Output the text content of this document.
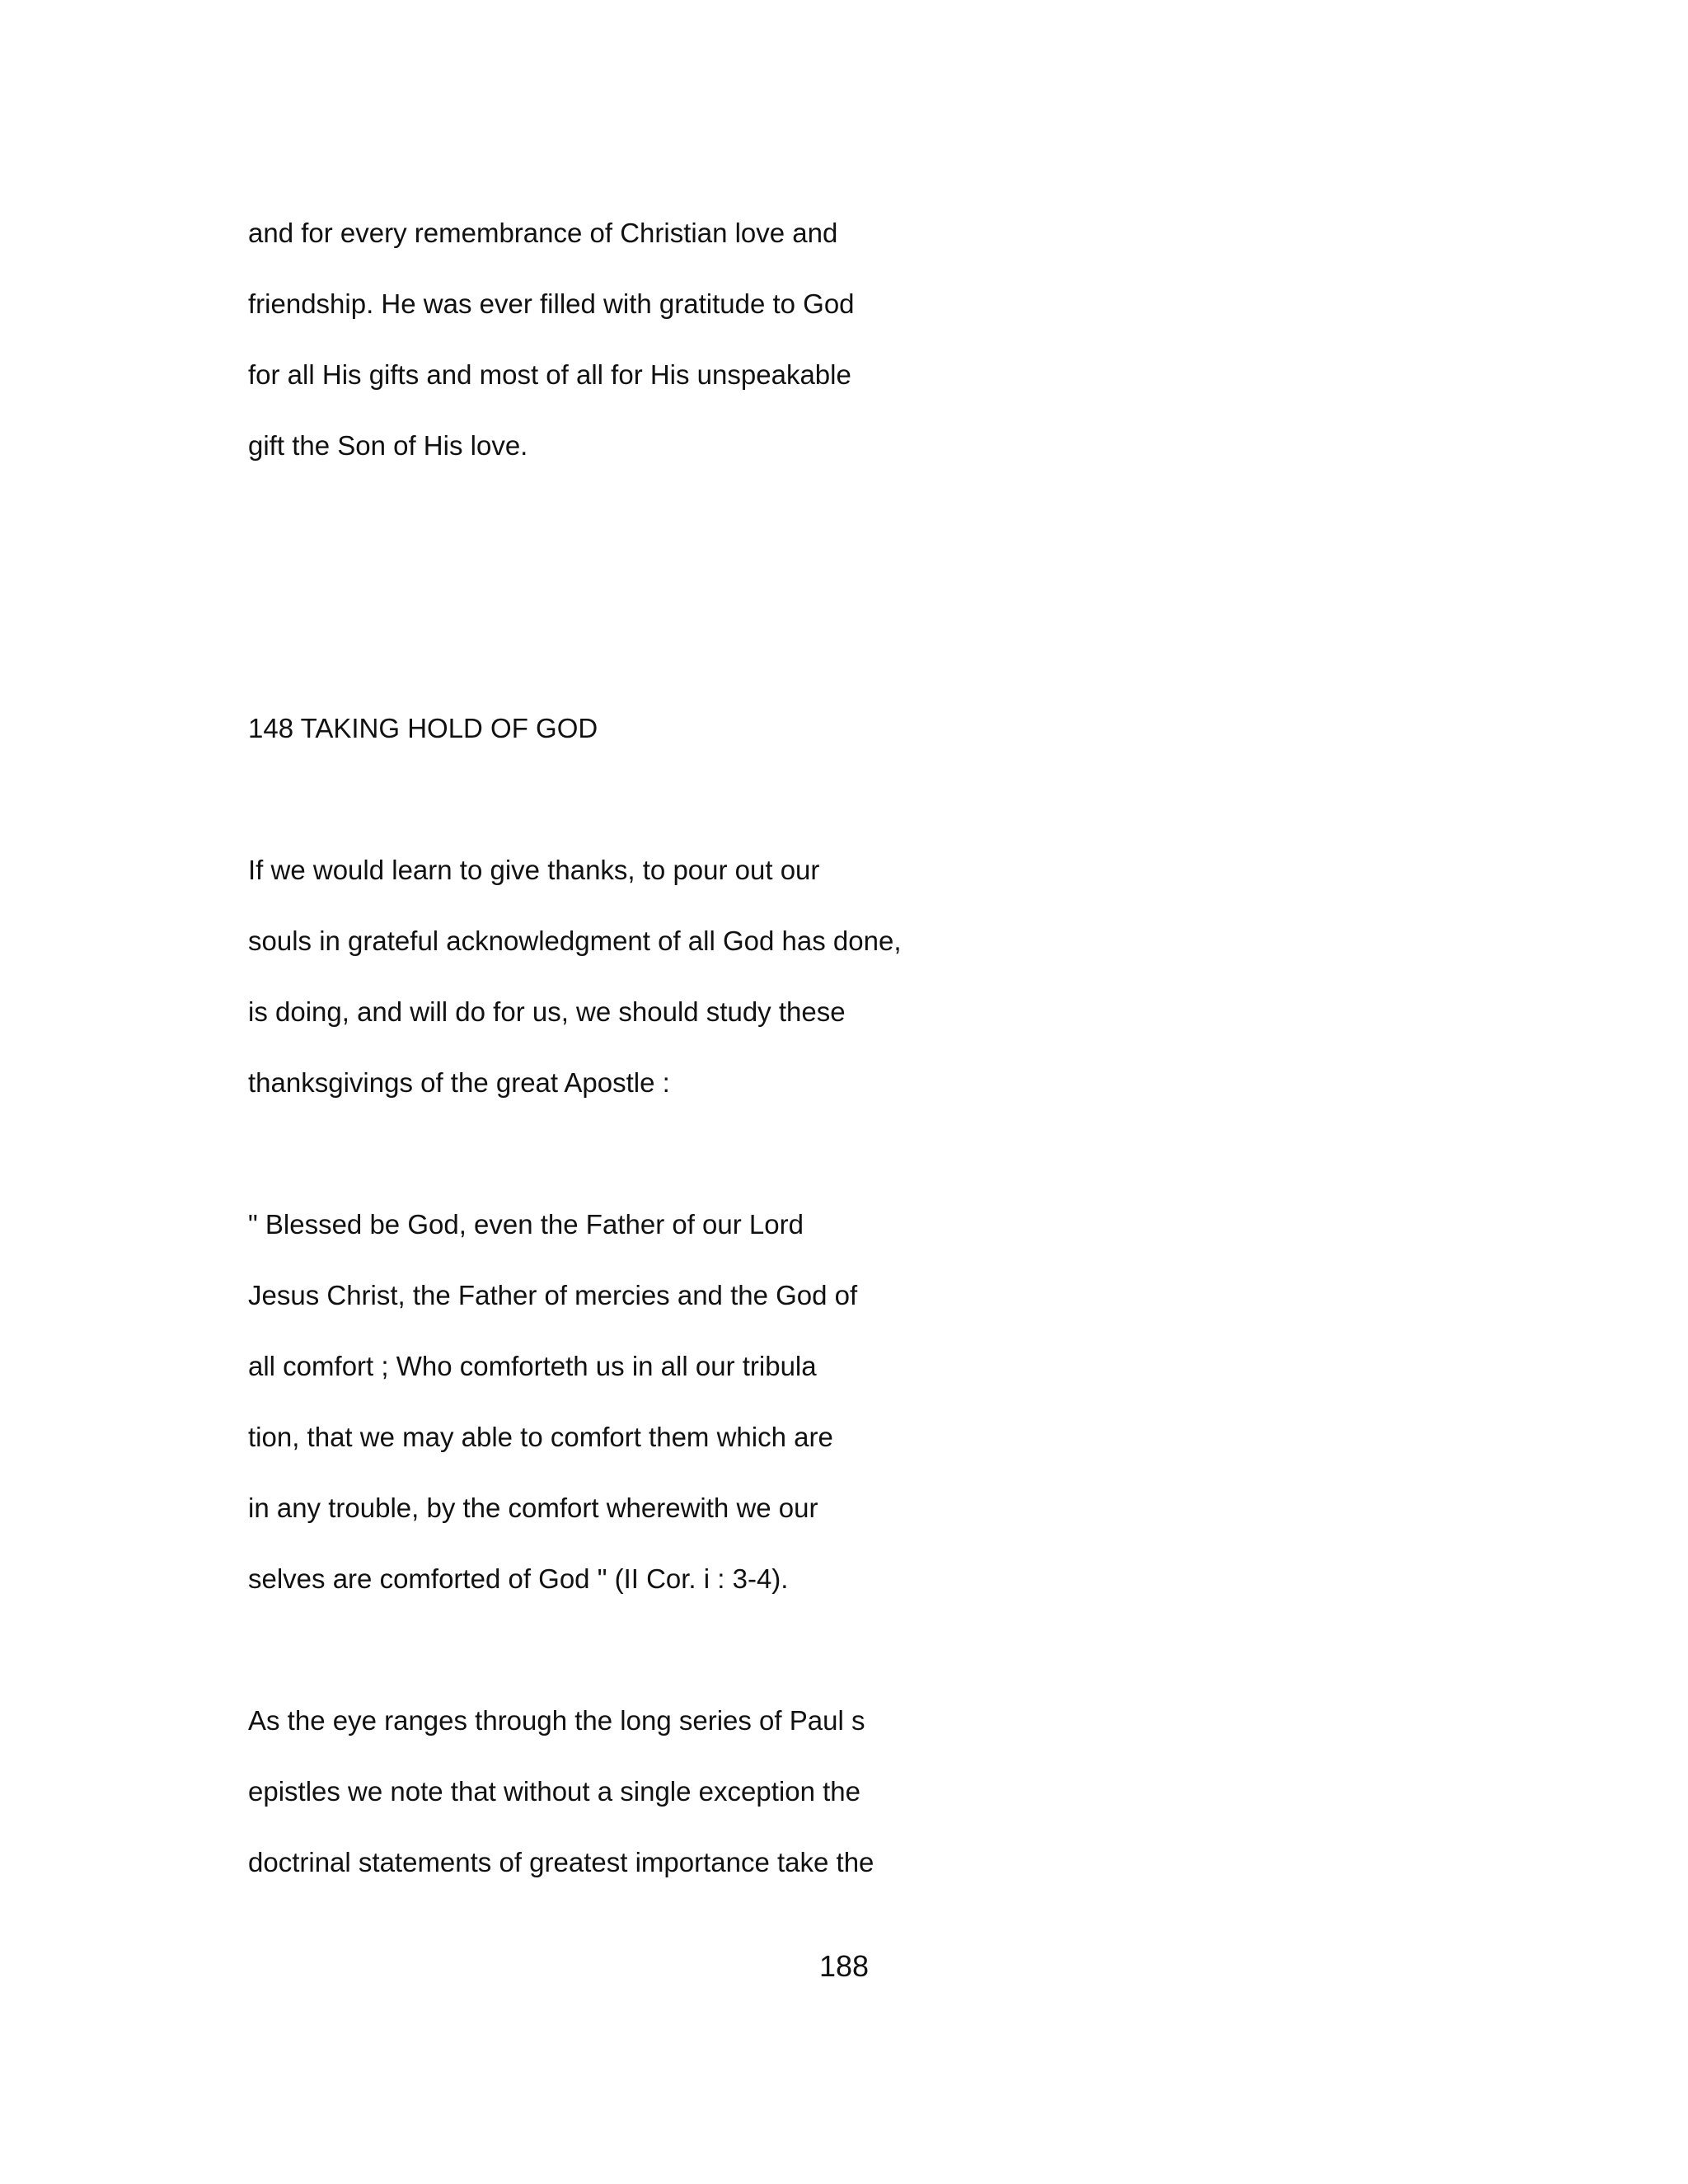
and for every remembrance of Christian love and
friendship. He was ever filled with gratitude to God
for all His gifts and most of all for His unspeakable
gift the Son of His love.
148 TAKING HOLD OF GOD
If we would learn to give thanks, to pour out our
souls in grateful acknowledgment of all God has done,
is doing, and will do for us, we should study these
thanksgivings of the great Apostle :
" Blessed be God, even the Father of our Lord
Jesus Christ, the Father of mercies and the God of
all comfort ; Who comforteth us in all our tribula
tion, that we may able to comfort them which are
in any trouble, by the comfort wherewith we our
selves are comforted of God " (II Cor. i : 3-4).
As the eye ranges through the long series of Paul s
epistles we note that without a single exception the
doctrinal statements of greatest importance take the
188
